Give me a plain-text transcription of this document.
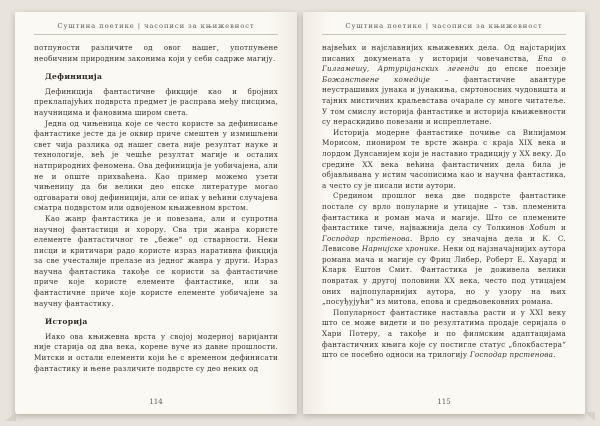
Суштина поетике | часописи за књижевност

потпуности различите од овог нашег, употпуњене необичним природним законима који у себи садрже магију.

Дефиниција

Дефиниција фантастичне фикције као и бројних преклапајућих подврста предмет је расправа међу писцима, научницима и фановима широм света.

Једна од чињеница које се често користе за дефинисање фантастике јесте да је оквир приче смештен у измишљени свет чија разлика од нашег света није резултат науке и технологије, већ је чешће резултат магије и осталих натприродних феномена. Ова дефиниција је уобичајена, али не и опште прихваћена. Као пример можемо узети чињеницу да би велики део епске литературе могао одговарати овој дефиницији, али се ипак у већини случајева сматра подврстом или одвојеном књижевном врстом.

Као жанр фантастика је и повезана, али и супротна научној фантастици и хорору. Сва три жанра користе елементе фантастичног те „беже“ од стварности. Неки писци и критичари радо користе израз наративна фикција за све учесталије прелазе из једног жанра у други. Израз научна фантастика такође се користи за фантастичне приче које користе елементе фантастике, или за фантастичне приче које користе елементе уобичајене за научну фантастику.

Историја

Иако ова књижевна врста у својој модерној варијанти није старија од два века, корене вуче из давне прошлости. Митски и остали елементи који ће с временом дефинисати фантастику и њене различите подврсте су део неких од

114
Суштина поетике | часописи за књижевност

највећих и најславнијих књижевних дела. Од најстаријих писаних докумената у историји човечанства, Епа о Гилгамешу, Артуријанских легенди до епске поезије Божанствене комедије – фантастичне авантуре неустрашивих јунака и јунакиња, смртоносних чудовишта и тајних мистичних краљевстава очарале су многе читатеље. У том смислу историја фантастике и историја књижевности су нераскидиво повезани и испреплетане.

Историја модерне фантастике почиње са Вилијамом Морисом, пиониром те врсте жанра с краја XIX века и лордом Дунсанијем који је наставио традицију у XX веку. До средине XX века већина фантастичних дела била је објављивана у истим часописима као и научна фантастика, а често су је писали исти аутори.

Средином прошлог века две подврсте фантастике постале су врло популарне и утицајне – тзв. племенита фантастика и роман мача и магије. Што се племените фантастике тиче, најважнија дела су Толкинов Хобит и Господар прстенова. Врло су значајна дела и К. С. Левисове Нарнијске хронике. Неки од најзначајнијих аутора романа мача и магије су Фриц Либер, Роберт Е. Хауард и Кларк Ештон Смит. Фантастика је доживела велики повратак у другој половини XX века, често под утицајем оних најпопуларнијих аутора, но у узору на њих „посуђујући“ из митова, епова и средњовековних романа.

Популарност фантастике наставља расти и у XXI веку што се може видети и по резултатима продаје серијала о Хари Потеру, а такође и по филмским адаптацијама фантастичних књига које су постигле статус „блокбастера“ што се посебно односи на трилогију Господар прстенова.

115
